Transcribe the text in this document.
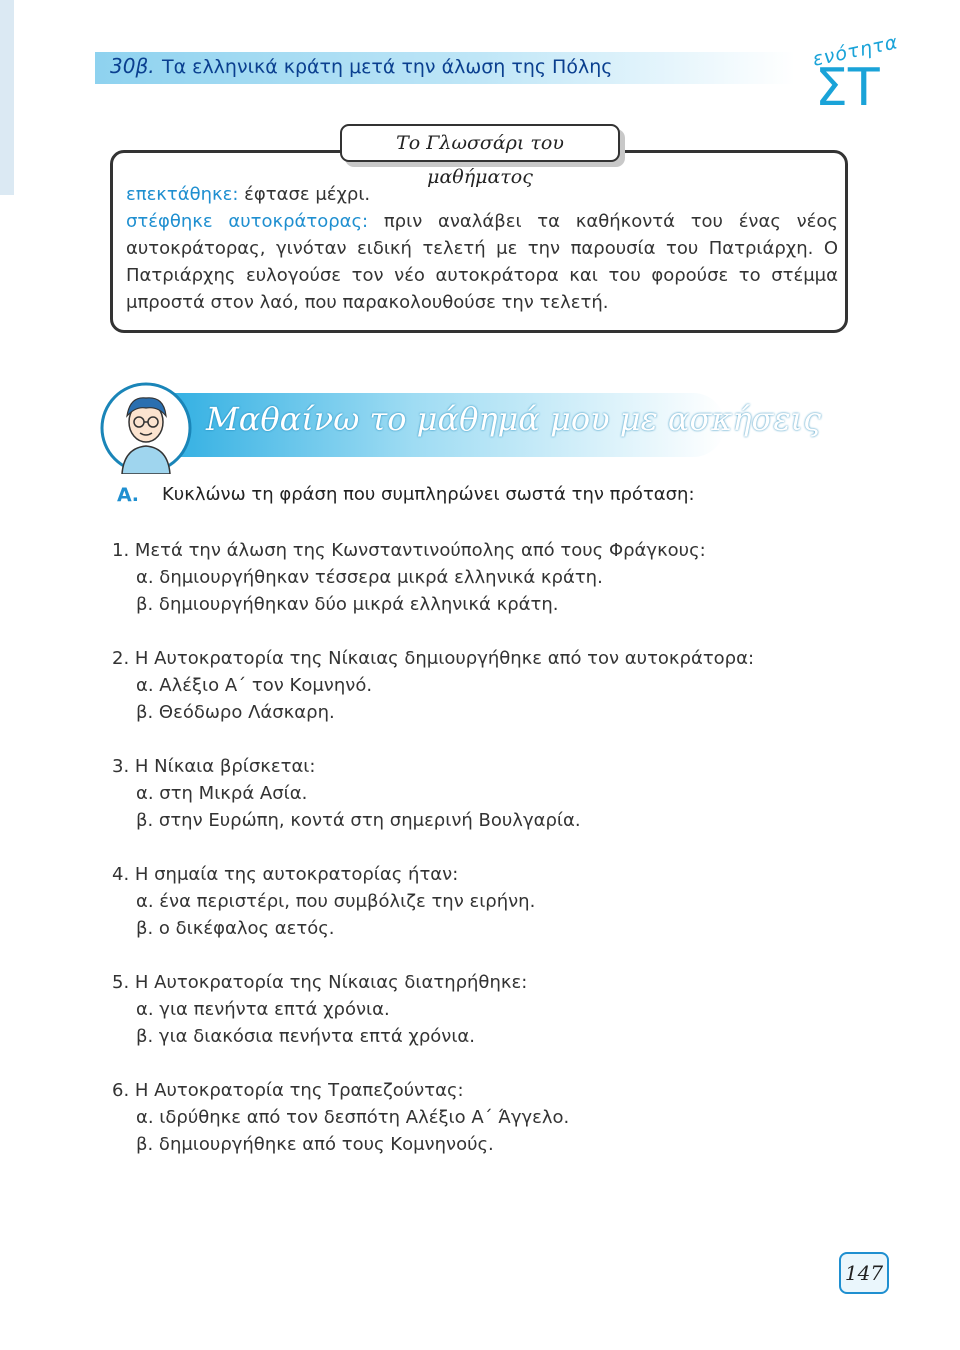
30β. Τα ελληνικά κράτη μετά την άλωση της Πόλης	ενότητα
ΣΤ
Το Γλωσσάρι του μαθήματος
επεκτάθηκε: έφτασε μέχρι.
στέφθηκε αυτοκράτορας: πριν αναλάβει τα καθήκοντά του ένας νέος αυτοκράτορας, γινόταν ειδική τελετή με την παρουσία του Πατριάρχη. Ο Πατριάρχης ευλογούσε τον νέο αυτοκράτορα και του φορούσε το στέμμα μπροστά στον λαό, που παρακολουθούσε την τελετή.
Μαθαίνω το μάθημά μου με ασκήσεις
Α. Κυκλώνω τη φράση που συμπληρώνει σωστά την πρόταση:

1. Μετά την άλωση της Κωνσταντινούπολης από τους Φράγκους:

α. δημιουργήθηκαν τέσσερα μικρά ελληνικά κράτη.

β. δημιουργήθηκαν δύο μικρά ελληνικά κράτη.

2. Η Αυτοκρατορία της Νίκαιας δημιουργήθηκε από τον αυτοκράτορα:

α. Αλέξιο Α΄ τον Κομνηνό.

β. Θεόδωρο Λάσκαρη.

3. Η Νίκαια βρίσκεται:

α. στη Μικρά Ασία.

β. στην Ευρώπη, κοντά στη σημερινή Βουλγαρία.

4. Η σημαία της αυτοκρατορίας ήταν:

α. ένα περιστέρι, που συμβόλιζε την ειρήνη.

β. ο δικέφαλος αετός.

5. Η Αυτοκρατορία της Νίκαιας διατηρήθηκε:

α. για πενήντα επτά χρόνια.

β. για διακόσια πενήντα επτά χρόνια.

6. Η Αυτοκρατορία της Τραπεζούντας:

α. ιδρύθηκε από τον δεσπότη Αλέξιο Α΄ Άγγελο.

β. δημιουργήθηκε από τους Κομνηνούς.

147
